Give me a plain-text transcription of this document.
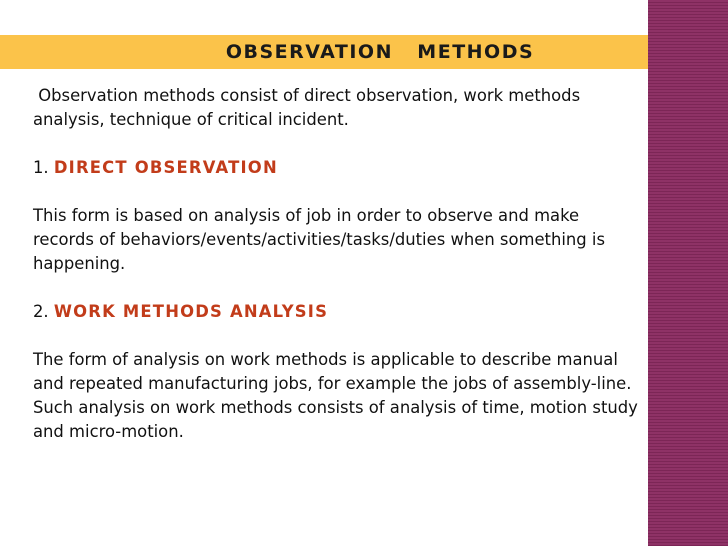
OBSERVATION   METHODS

Observation methods consist of direct observation, work methods analysis, technique of critical incident.

1. DIRECT OBSERVATION

This form is based on analysis of job in order to observe and make records of behaviors/events/activities/tasks/duties when something is happening.

2. WORK METHODS ANALYSIS

The form of analysis on work methods is applicable to describe manual and repeated manufacturing jobs, for example the jobs of assembly-line. Such analysis on work methods consists of analysis of time, motion study and micro-motion.
